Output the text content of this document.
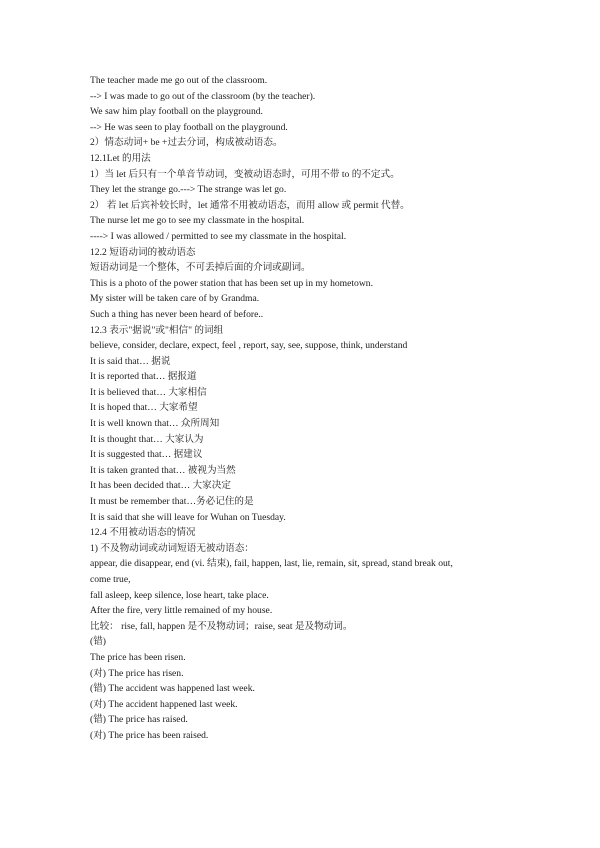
The teacher made me go out of the classroom.

--> I was made to go out of the classroom (by the teacher).

We saw him play football on the playground.

--> He was seen to play football on the playground.

2）情态动词+ be +过去分词，构成被动语态。

12.1Let 的用法

1）当 let 后只有一个单音节动词，变被动语态时，可用不带 to 的不定式。

They let the strange go.---> The strange was let go.

2） 若 let 后宾补较长时，let 通常不用被动语态，而用 allow 或 permit 代替。

The nurse let me go to see my classmate in the hospital.

----> I was allowed / permitted to see my classmate in the hospital.

12.2 短语动词的被动语态

短语动词是一个整体，不可丢掉后面的介词或副词。

This is a photo of the power station that has been set up in my hometown.

My sister will be taken care of by Grandma.

Such a thing has never been heard of before..

12.3 表示"据说"或"相信" 的词组

believe, consider, declare, expect, feel , report, say, see, suppose, think, understand

It is said that… 据说

It is reported that… 据报道

It is believed that… 大家相信

It is hoped that… 大家希望

It is well known that… 众所周知

It is thought that… 大家认为

It is suggested that… 据建议

It is taken granted that… 被视为当然

It has been decided that… 大家决定

It must be remember that…务必记住的是

It is said that she will leave for Wuhan on Tuesday.

12.4 不用被动语态的情况

1) 不及物动词或动词短语无被动语态：

appear, die disappear, end (vi. 结束), fail, happen, last, lie, remain, sit, spread, stand break out,

come true,

fall asleep, keep silence, lose heart, take place.

After the fire, very little remained of my house.

比较： rise, fall, happen 是不及物动词；raise, seat 是及物动词。

(错)

The price has been risen.

(对) The price has risen.

(错) The accident was happened last week.

(对) The accident happened last week.

(错) The price has raised.

(对) The price has been raised.
